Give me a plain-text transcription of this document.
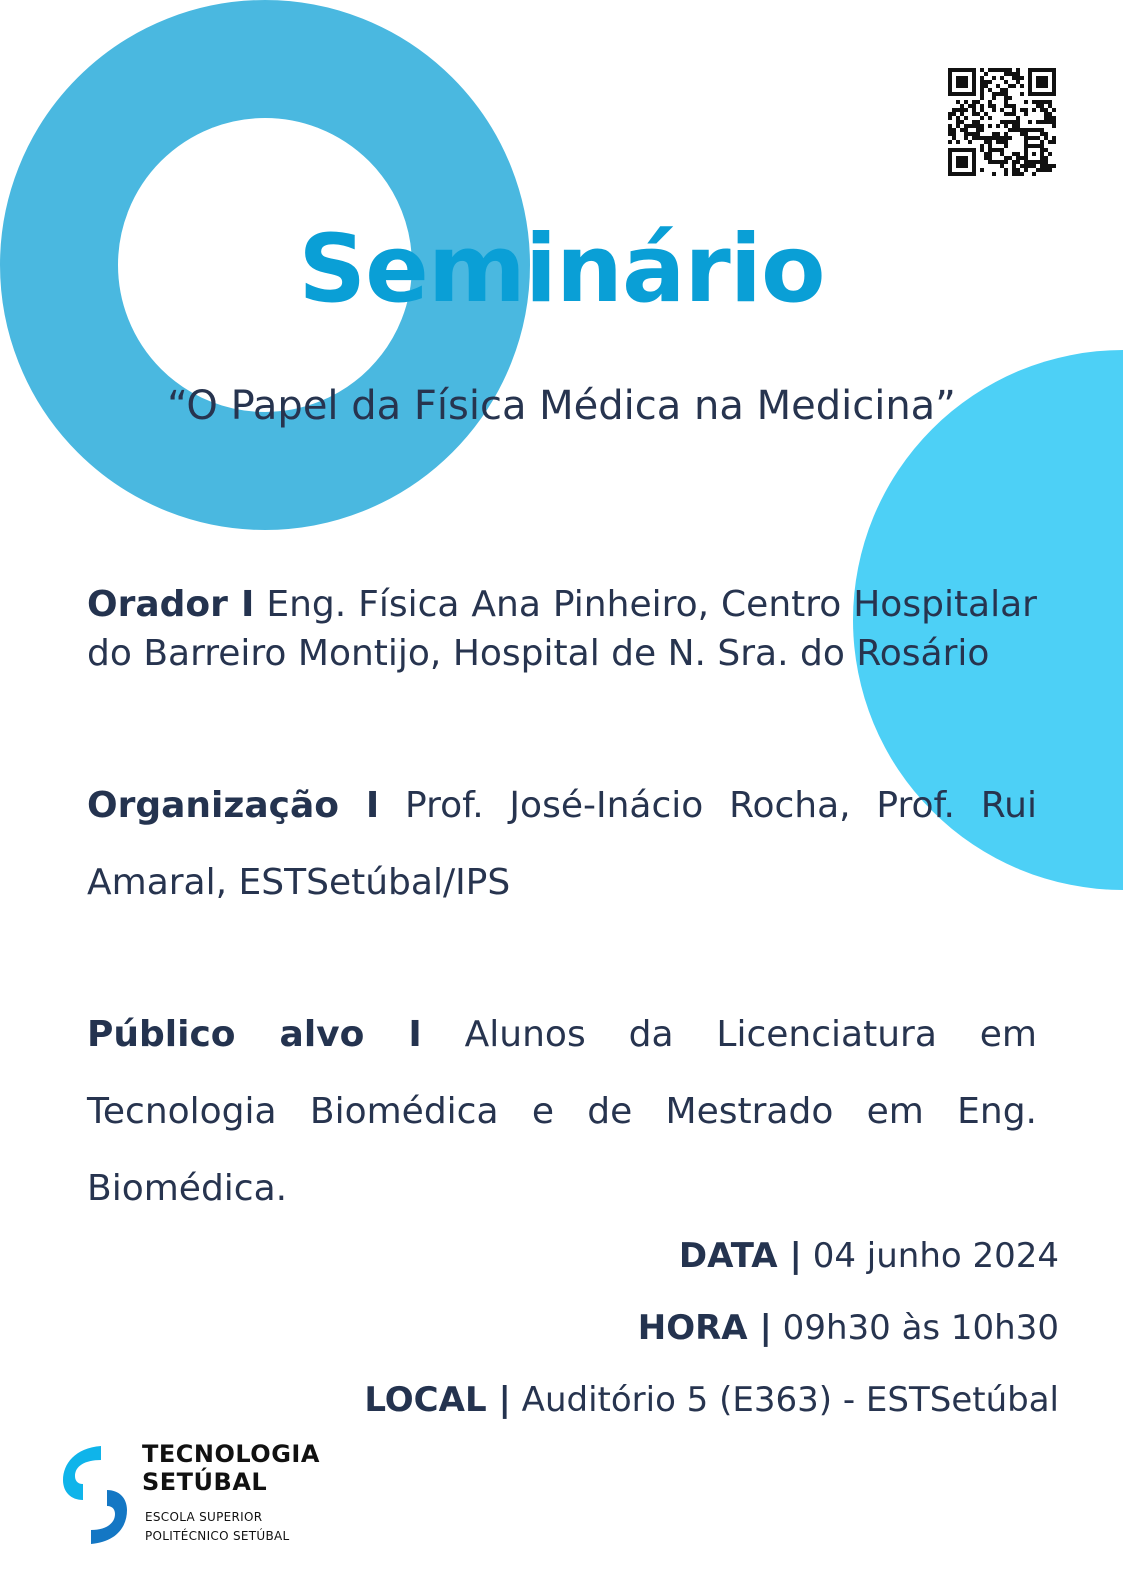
Seminário

“O Papel da Física Médica na Medicina”

Orador I Eng. Física Ana Pinheiro, Centro Hospitalar do Barreiro Montijo, Hospital de N. Sra. do Rosário

Organização I Prof. José-Inácio Rocha, Prof. Rui Amaral, ESTSetúbal/IPS

Público alvo I Alunos da Licenciatura em Tecnologia Biomédica e de Mestrado em Eng. Biomédica.

DATA | 04 junho 2024

HORA | 09h30 às 10h30

LOCAL | Auditório 5 (E363) - ESTSetúbal

TECNOLOGIA
SETÚBAL
ESCOLA SUPERIOR
POLITÉCNICO SETÚBAL
